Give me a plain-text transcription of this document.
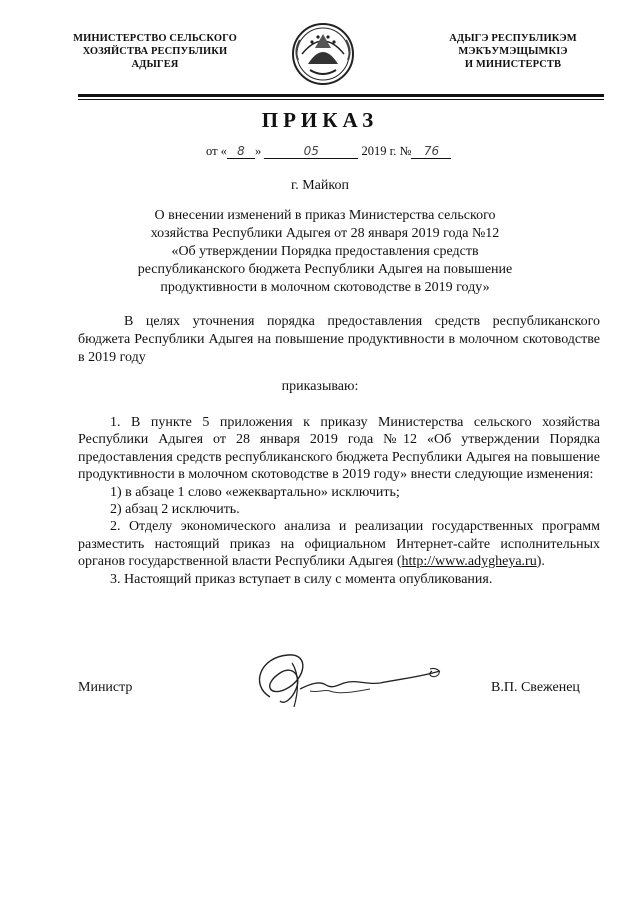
МИНИСТЕРСТВО СЕЛЬСКОГО
ХОЗЯЙСТВА РЕСПУБЛИКИ
АДЫГЕЯ
АДЫГЭ РЕСПУБЛИКЭМ
МЭКЪУМЭЩЫМКIЭ
И МИНИСТЕРСТВ
ПРИКАЗ
от « 8 »	05	2019 г. № 76
г. Майкоп
О внесении изменений в приказ Министерства сельского
хозяйства Республики Адыгея от 28 января 2019 года №12
«Об утверждении Порядка предоставления средств
республиканского бюджета Республики Адыгея на повышение
продуктивности в молочном скотоводстве в 2019 году»
В целях уточнения порядка предоставления средств республиканского бюджета Республики Адыгея на повышение продуктивности в молочном скотоводстве в 2019 году
приказываю:

1. В пункте 5 приложения к приказу Министерства сельского хозяйства Республики Адыгея от 28 января 2019 года №12 «Об утверждении Порядка предоставления средств республиканского бюджета Республики Адыгея на повышение продуктивности в молочном скотоводстве в 2019 году» внести следующие изменения:

1) в абзаце 1 слово «ежеквартально» исключить;

2) абзац 2 исключить.

2. Отделу экономического анализа и реализации государственных программ разместить настоящий приказ на официальном Интернет-сайте исполнительных органов государственной власти Республики Адыгея (http://www.adygheya.ru).

3. Настоящий приказ вступает в силу с момента опубликования.

Министр	В.П. Свеженец
